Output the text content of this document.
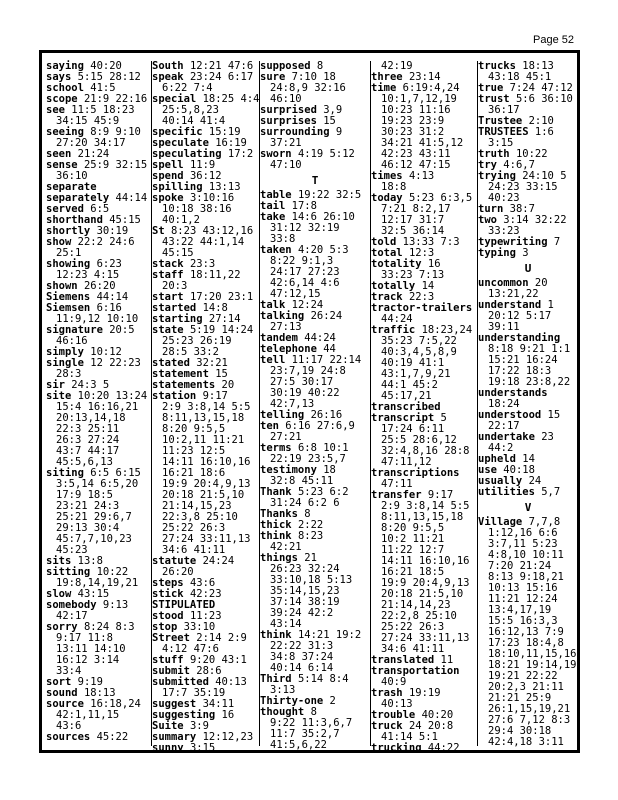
Page 52
saying 40:20
says 5:15 28:12
school 41:5
scope 21:9 22:16
see 11:5 18:23
34:15 45:9
seeing 8:9 9:10
27:20 34:17
seen 21:24
sense 25:9 32:15
36:10
separate
separately 44:14
served 6:5
shorthand 45:15
shortly 30:19
show 22:2 24:6
25:1
showing 6:23
12:23 4:15
shown 26:20
Siemens 44:14
Siemsen 6:16
11:9,12 10:10
signature 20:5
46:16
simply 10:12
single 12 22:23
28:3
sir 24:3 5
site 10:20 13:24
15:4 16:16,21
20:13,14,18
22:3 25:11
26:3 27:24
43:7 44:17
45:5,6,13
siting 6:5 6:15
3:5,14 6:5,20
17:9 18:5
23:21 24:3
25:21 29:6,7
29:13 30:4
45:7,7,10,23
45:23
sits 13:8
sitting 10:22
19:8,14,19,21
slow 43:15
somebody 9:13
42:17
sorry 8:24 8:3
9:17 11:8
13:11 14:10
16:12 3:14
33:4
sort 9:19
sound 18:13
source 16:18,24
42:1,11,15
43:6
sources 45:22
South 12:21 47:6
speak 23:24 6:17
6:22 7:4
special 18:25 4:4
25:5,8,23
40:14 41:4
specific 15:19
speculate 16:19
speculating 17:2
spell 11:9
spend 36:12
spilling 13:13
spoke 3:10:16
10:18 38:16
40:1,2
St 8:23 43:12,16
43:22 44:1,14
45:15
stack 23:3
staff 18:11,22
20:3
start 17:20 23:1
started 14:8
starting 27:14
state 5:19 14:24
25:23 26:19
28:5 33:2
stated 32:21
statement 15
statements 20
station 9:17
2:9 3:8,14 5:5
8:11,13,15,18
8:20 9:5,5
10:2,11 11:21
11:23 12:5
14:11 16:10,16
16:21 18:6
19:9 20:4,9,13
20:18 21:5,10
21:14,15,23
22:3,8 25:10
25:22 26:3
27:24 33:11,13
34:6 41:11
statute 24:24
26:20
steps 43:6
stick 42:23
STIPULATED
stood 11:23
stop 33:10
Street 2:14 2:9
4:12 47:6
stuff 9:20 43:1
submit 28:6
submitted 40:13
17:7 35:19
suggest 34:11
suggesting 16
Suite 3:9
summary 12:12,23
sunny 3:15
supposed 8
sure 7:10 18
24:8,9 32:16
46:10
surprised 3,9
surprises 15
surrounding 9
37:21
sworn 4:19 5:12
47:10
T
table 19:22 32:5
tail 17:8
take 14:6 26:10
31:12 32:19
33:8
taken 4:20 5:3
8:22 9:1,3
24:17 27:23
42:6,14 4:6
47:12,15
talk 12:24
talking 26:24
27:13
tandem 44:24
telephone 44
tell 11:17 22:14
23:7,19 24:8
27:5 30:17
30:19 40:22
42:7,13
telling 26:16
ten 6:16 27:6,9
27:21
terms 6:8 10:1
22:19 23:5,7
testimony 18
32:8 45:11
Thank 5:23 6:2
31:24 6:2 6
Thanks 8
thick 2:22
think 8:23
42:21
things 21
26:23 32:24
33:10,18 5:13
35:14,15,23
37:14 38:19
39:24 42:2
43:14
think 14:21 19:2
22:22 31:3
34:8 37:24
40:14 6:14
Third 5:14 8:4
3:13
Thirty-one 2
thought 8
9:22 11:3,6,7
11:7 35:2,7
41:5,6,22
42:19
three 23:14
time 6:19:4,24
10:1,7,12,19
10:23 11:16
19:23 23:9
30:23 31:2
34:21 41:5,12
42:23 43:11
46:12 47:15
times 4:13
18:8
today 5:23 6:3,5
7:21 8:2,17
12:17 31:7
32:5 36:14
told 13:33 7:3
total 12:3
totality 16
33:23 7:13
totally 14
track 22:3
tractor-trailers
44:24
traffic 18:23,24
35:23 7:5,22
40:3,4,5,8,9
40:19 41:1
43:1,7,9,21
44:1 45:2
45:17,21
transcribed
transcript 5
17:24 6:11
25:5 28:6,12
32:4,8,16 28:8
47:11,12
transcriptions
47:11
transfer 9:17
2:9 3:8,14 5:5
8:11,13,15,18
8:20 9:5,5
10:2 11:21
11:22 12:7
14:11 16:10,16
16:21 18:5
19:9 20:4,9,13
20:18 21:5,10
21:14,14,23
22:2,8 25:10
25:22 26:3
27:24 33:11,13
34:6 41:11
translated 11
transportation
40:9
trash 19:19
40:13
trouble 40:20
truck 24 20:8
41:14 5:1
trucking 44:22
trucks 18:13
43:18 45:1
true 7:24 47:12
trust 5:6 36:10
36:17
Trustee 2:10
TRUSTEES 1:6
3:15
truth 10:22
try 4:6,7
trying 24:10 5
24:23 33:15
40:23
turn 38:7
two 3:14 32:22
33:23
typewriting 7
typing 3
U
uncommon 20
13:21,22
understand 1
20:12 5:17
39:11
understanding
8:18 9:21 1:1
15:21 16:24
17:22 18:3
19:18 23:8,22
understands
18:24
understood 15
22:17
undertake 23
44:2
upheld 14
use 40:18
usually 24
utilities 5,7
V
Village 7,7,8
1:12,16 6:6
3:7,11 5:23
4:8,10 10:11
7:20 21:24
8:13 9:18,21
10:13 15:16
11:21 12:24
13:4,17,19
15:5 16:3,3
16:12,13 7:9
17:23 18:4,8
18:10,11,15,16
18:21 19:14,19
19:21 22:22
20:2,3 21:11
21:21 25:9
26:1,15,19,21
27:6 7,12 8:3
29:4 30:18
42:4,18 3:11
